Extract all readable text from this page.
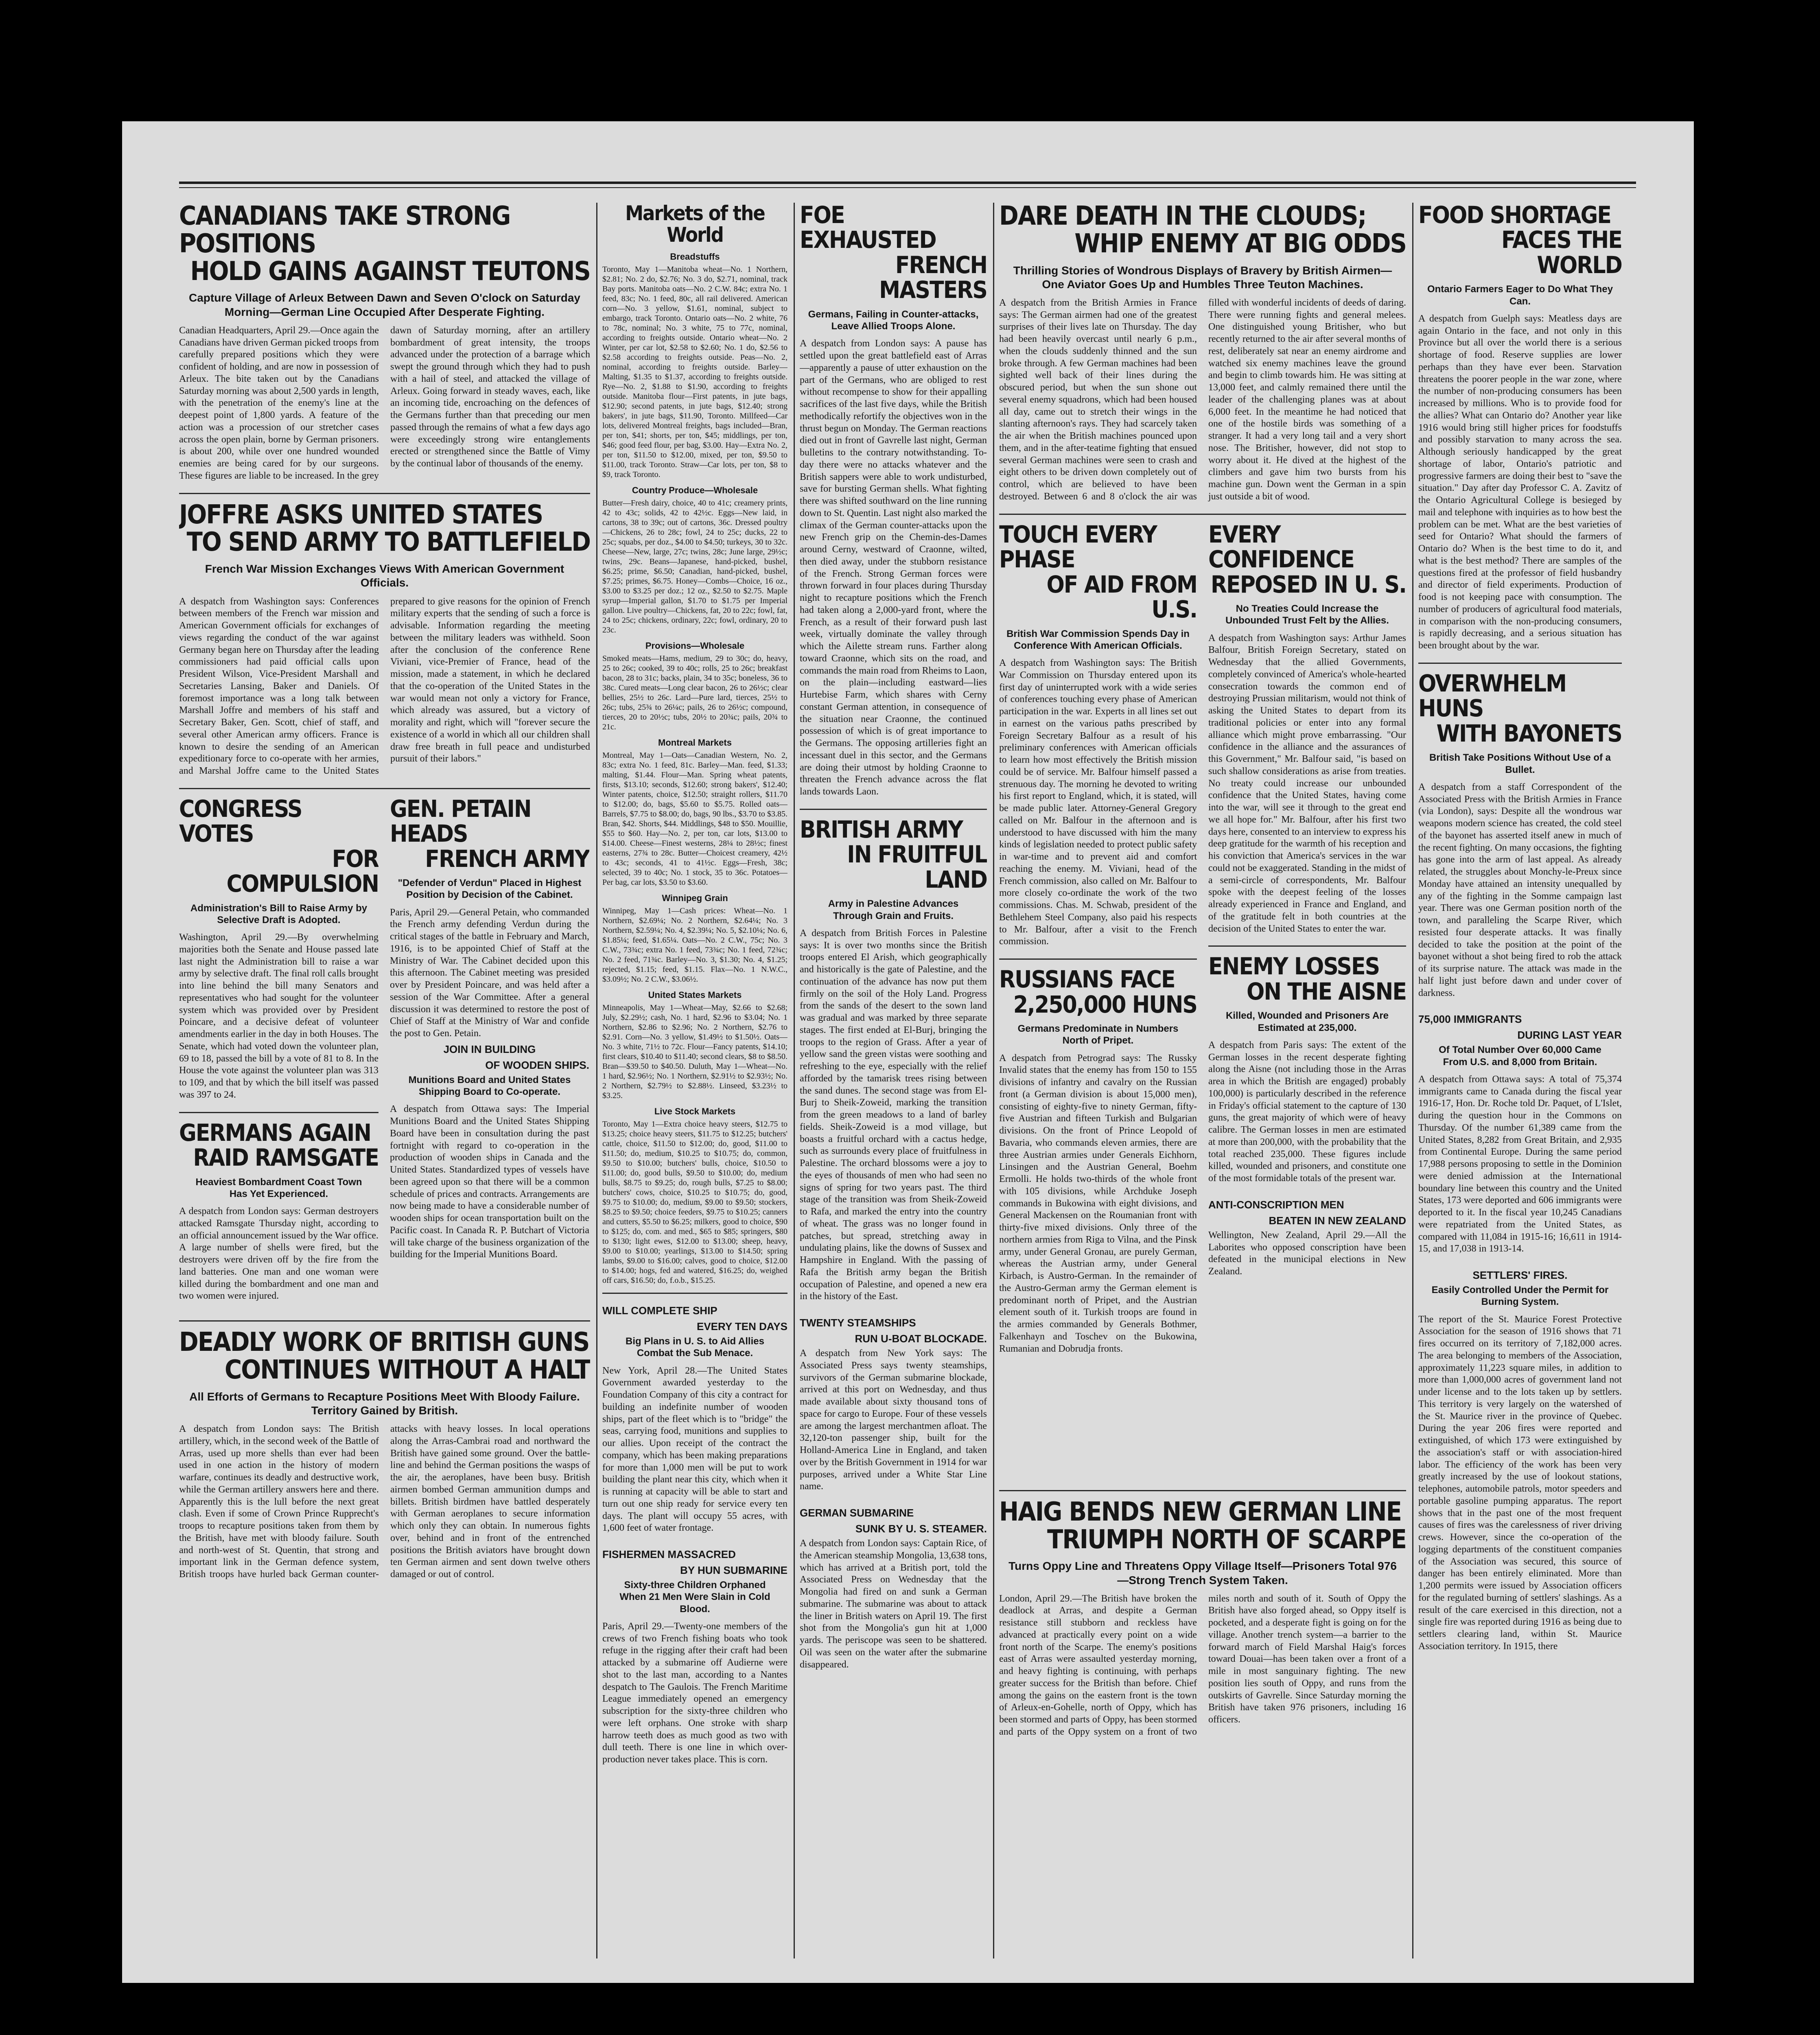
CANADIANS TAKE STRONG POSITIONS
HOLD GAINS AGAINST TEUTONS

Capture Village of Arleux Between Dawn and Seven O'clock on Saturday Morning—German Line Occupied After Desperate Fighting.

Canadian Headquarters, April 29.—Once again the Canadians have driven German picked troops from carefully prepared positions which they were confident of holding, and are now in possession of Arleux. The bite taken out by the Canadians Saturday morning was about 2,500 yards in length, with the penetration of the enemy's line at the deepest point of 1,800 yards. A feature of the action was a procession of our stretcher cases across the open plain, borne by German prisoners. is about 200, while over one hundred wounded enemies are being cared for by our surgeons. These figures are liable to be increased. In the grey dawn of Saturday morning, after an artillery bombardment of great intensity, the troops advanced under the protection of a barrage which swept the ground through which they had to push with a hail of steel, and attacked the village of Arleux. Going forward in steady waves, each, like an incoming tide, encroaching on the defences of the Germans further than that preceding our men passed through the remains of what a few days ago were exceedingly strong wire entanglements erected or strengthened since the Battle of Vimy by the continual labor of thousands of the enemy.

JOFFRE ASKS UNITED STATES
TO SEND ARMY TO BATTLEFIELD

French War Mission Exchanges Views With American Government Officials.

A despatch from Washington says: Conferences between members of the French war mission and American Government officials for exchanges of views regarding the conduct of the war against Germany began here on Thursday after the leading commissioners had paid official calls upon President Wilson, Vice-President Marshall and Secretaries Lansing, Baker and Daniels. Of foremost importance was a long talk between Marshall Joffre and members of his staff and Secretary Baker, Gen. Scott, chief of staff, and several other American army officers. France is known to desire the sending of an American expeditionary force to co-operate with her armies, and Marshal Joffre came to the United States prepared to give reasons for the opinion of French military experts that the sending of such a force is advisable. Information regarding the meeting between the military leaders was withheld. Soon after the conclusion of the conference Rene Viviani, vice-Premier of France, head of the mission, made a statement, in which he declared that the co-operation of the United States in the war would mean not only a victory for France, which already was assured, but a victory of morality and right, which will "forever secure the existence of a world in which all our children shall draw free breath in full peace and undisturbed pursuit of their labors."

CONGRESS VOTES
FOR COMPULSION

Administration's Bill to Raise Army by Selective Draft is Adopted.

Washington, April 29.—By overwhelming majorities both the Senate and House passed late last night the Administration bill to raise a war army by selective draft. The final roll calls brought into line behind the bill many Senators and representatives who had sought for the volunteer system which was provided over by President Poincare, and a decisive defeat of volunteer amendments earlier in the day in both Houses. The Senate, which had voted down the volunteer plan, 69 to 18, passed the bill by a vote of 81 to 8. In the House the vote against the volunteer plan was 313 to 109, and that by which the bill itself was passed was 397 to 24.

GERMANS AGAIN
RAID RAMSGATE

Heaviest Bombardment Coast Town Has Yet Experienced.

A despatch from London says: German destroyers attacked Ramsgate Thursday night, according to an official announcement issued by the War office. A large number of shells were fired, but the destroyers were driven off by the fire from the land batteries. One man and one woman were killed during the bombardment and one man and two women were injured.

GEN. PETAIN HEADS
FRENCH ARMY

"Defender of Verdun" Placed in Highest Position by Decision of the Cabinet.

Paris, April 29.—General Petain, who commanded the French army defending Verdun during the critical stages of the battle in February and March, 1916, is to be appointed Chief of Staff at the Ministry of War. The Cabinet decided upon this this afternoon. The Cabinet meeting was presided over by President Poincare, and was held after a session of the War Committee. After a general discussion it was determined to restore the post of Chief of Staff at the Ministry of War and confide the post to Gen. Petain.

JOIN IN BUILDING

OF WOODEN SHIPS.

Munitions Board and United States Shipping Board to Co-operate.

A despatch from Ottawa says: The Imperial Munitions Board and the United States Shipping Board have been in consultation during the past fortnight with regard to co-operation in the production of wooden ships in Canada and the United States. Standardized types of vessels have been agreed upon so that there will be a common schedule of prices and contracts. Arrangements are now being made to have a considerable number of wooden ships for ocean transportation built on the Pacific coast. In Canada R. P. Butchart of Victoria will take charge of the business organization of the building for the Imperial Munitions Board.

DEADLY WORK OF BRITISH GUNS
CONTINUES WITHOUT A HALT

All Efforts of Germans to Recapture Positions Meet With Bloody Failure. Territory Gained by British.

A despatch from London says: The British artillery, which, in the second week of the Battle of Arras, used up more shells than ever had been used in one action in the history of modern warfare, continues its deadly and destructive work, while the German artillery answers here and there. Apparently this is the lull before the next great clash. Even if some of Crown Prince Rupprecht's troops to recapture positions taken from them by the British, have met with bloody failure. South and north-west of St. Quentin, that strong and important link in the German defence system, British troops have hurled back German counter-attacks with heavy losses. In local operations along the Arras-Cambrai road and northward the British have gained some ground. Over the battle-line and behind the German positions the wasps of the air, the aeroplanes, have been busy. British airmen bombed German ammunition dumps and billets. British birdmen have battled desperately with German aeroplanes to secure information which only they can obtain. In numerous fights over, behind and in front of the entrenched positions the British aviators have brought down ten German airmen and sent down twelve others damaged or out of control.

Markets of the World

Breadstuffs

Toronto, May 1—Manitoba wheat—No. 1 Northern, $2.81; No. 2 do, $2.76; No. 3 do, $2.71, nominal, track Bay ports. Manitoba oats—No. 2 C.W. 84c; extra No. 1 feed, 83c; No. 1 feed, 80c, all rail delivered. American corn—No. 3 yellow, $1.61, nominal, subject to embargo, track Toronto. Ontario oats—No. 2 white, 76 to 78c, nominal; No. 3 white, 75 to 77c, nominal, according to freights outside. Ontario wheat—No. 2 Winter, per car lot, $2.58 to $2.60; No. 1 do, $2.56 to $2.58 according to freights outside. Peas—No. 2, nominal, according to freights outside. Barley—Malting, $1.35 to $1.37, according to freights outside. Rye—No. 2, $1.88 to $1.90, according to freights outside. Manitoba flour—First patents, in jute bags, $12.90; second patents, in jute bags, $12.40; strong bakers', in jute bags, $11.90, Toronto. Millfeed—Car lots, delivered Montreal freights, bags included—Bran, per ton, $41; shorts, per ton, $45; middlings, per ton, $46; good feed flour, per bag, $3.00. Hay—Extra No. 2, per ton, $11.50 to $12.00, mixed, per ton, $9.50 to $11.00, track Toronto. Straw—Car lots, per ton, $8 to $9, track Toronto.

Country Produce—Wholesale

Butter—Fresh dairy, choice, 40 to 41c; creamery prints, 42 to 43c; solids, 42 to 42½c. Eggs—New laid, in cartons, 38 to 39c; out of cartons, 36c. Dressed poultry—Chickens, 26 to 28c; fowl, 24 to 25c; ducks, 22 to 25c; squabs, per doz., $4.00 to $4.50; turkeys, 30 to 32c. Cheese—New, large, 27c; twins, 28c; June large, 29½c; twins, 29c. Beans—Japanese, hand-picked, bushel, $6.25; prime, $6.50; Canadian, hand-picked, bushel, $7.25; primes, $6.75. Honey—Combs—Choice, 16 oz., $3.00 to $3.25 per doz.; 12 oz., $2.50 to $2.75. Maple syrup—Imperial gallon, $1.70 to $1.75 per Imperial gallon. Live poultry—Chickens, fat, 20 to 22c; fowl, fat, 24 to 25c; chickens, ordinary, 22c; fowl, ordinary, 20 to 23c.

Provisions—Wholesale

Smoked meats—Hams, medium, 29 to 30c; do, heavy, 25 to 26c; cooked, 39 to 40c; rolls, 25 to 26c; breakfast bacon, 28 to 31c; backs, plain, 34 to 35c; boneless, 36 to 38c. Cured meats—Long clear bacon, 26 to 26½c; clear bellies, 25½ to 26c. Lard—Pure lard, tierces, 25½ to 26c; tubs, 25¾ to 26¼c; pails, 26 to 26½c; compound, tierces, 20 to 20½c; tubs, 20½ to 20¾c; pails, 20¾ to 21c.

Montreal Markets

Montreal, May 1—Oats—Canadian Western, No. 2, 83c; extra No. 1 feed, 81c. Barley—Man. feed, $1.33; malting, $1.44. Flour—Man. Spring wheat patents, firsts, $13.10; seconds, $12.60; strong bakers', $12.40; Winter patents, choice, $12.50; straight rollers, $11.70 to $12.00; do, bags, $5.60 to $5.75. Rolled oats—Barrels, $7.75 to $8.00; do, bags, 90 lbs., $3.70 to $3.85. Bran, $42. Shorts, $44. Middlings, $48 to $50. Mouillie, $55 to $60. Hay—No. 2, per ton, car lots, $13.00 to $14.00. Cheese—Finest westerns, 28¼ to 28½c; finest easterns, 27¾ to 28c. Butter—Choicest creamery, 42½ to 43c; seconds, 41 to 41½c. Eggs—Fresh, 38c; selected, 39 to 40c; No. 1 stock, 35 to 36c. Potatoes—Per bag, car lots, $3.50 to $3.60.

Winnipeg Grain

Winnipeg, May 1—Cash prices: Wheat—No. 1 Northern, $2.69¼; No. 2 Northern, $2.64¼; No. 3 Northern, $2.59¼; No. 4, $2.39¼; No. 5, $2.10¼; No. 6, $1.85¼; feed, $1.65¼. Oats—No. 2 C.W., 75c; No. 3 C.W., 73¾c; extra No. 1 feed, 73¾c; No. 1 feed, 72¾c; No. 2 feed, 71¾c. Barley—No. 3, $1.30; No. 4, $1.25; rejected, $1.15; feed, $1.15. Flax—No. 1 N.W.C., $3.09½; No. 2 C.W., $3.06½.

United States Markets

Minneapolis, May 1—Wheat—May, $2.66 to $2.68; July, $2.29½; cash, No. 1 hard, $2.96 to $3.04; No. 1 Northern, $2.86 to $2.96; No. 2 Northern, $2.76 to $2.91. Corn—No. 3 yellow, $1.49½ to $1.50½. Oats—No. 3 white, 71½ to 72c. Flour—Fancy patents, $14.10; first clears, $10.40 to $11.40; second clears, $8 to $8.50. Bran—$39.50 to $40.50. Duluth, May 1—Wheat—No. 1 hard, $2.96½; No. 1 Northern, $2.91½ to $2.93½; No. 2 Northern, $2.79½ to $2.88½. Linseed, $3.23½ to $3.25.

Live Stock Markets

Toronto, May 1—Extra choice heavy steers, $12.75 to $13.25; choice heavy steers, $11.75 to $12.25; butchers' cattle, choice, $11.50 to $12.00; do, good, $11.00 to $11.50; do, medium, $10.25 to $10.75; do, common, $9.50 to $10.00; butchers' bulls, choice, $10.50 to $11.00; do, good bulls, $9.50 to $10.00; do, medium bulls, $8.75 to $9.25; do, rough bulls, $7.25 to $8.00; butchers' cows, choice, $10.25 to $10.75; do, good, $9.75 to $10.00; do, medium, $9.00 to $9.50; stockers, $8.25 to $9.50; choice feeders, $9.75 to $10.25; canners and cutters, $5.50 to $6.25; milkers, good to choice, $90 to $125; do, com. and med., $65 to $85; springers, $80 to $130; light ewes, $12.00 to $13.00; sheep, heavy, $9.00 to $10.00; yearlings, $13.00 to $14.50; spring lambs, $9.00 to $16.00; calves, good to choice, $12.00 to $14.00; hogs, fed and watered, $16.25; do, weighed off cars, $16.50; do, f.o.b., $15.25.

WILL COMPLETE SHIP

EVERY TEN DAYS

Big Plans in U. S. to Aid Allies Combat the Sub Menace.

New York, April 28.—The United States Government awarded yesterday to the Foundation Company of this city a contract for building an indefinite number of wooden ships, part of the fleet which is to "bridge" the seas, carrying food, munitions and supplies to our allies. Upon receipt of the contract the company, which has been making preparations for more than 1,000 men will be put to work building the plant near this city, which when it is running at capacity will be able to start and turn out one ship ready for service every ten days. The plant will occupy 55 acres, with 1,600 feet of water frontage.

FISHERMEN MASSACRED

BY HUN SUBMARINE

Sixty-three Children Orphaned When 21 Men Were Slain in Cold Blood.

Paris, April 29.—Twenty-one members of the crews of two French fishing boats who took refuge in the rigging after their craft had been attacked by a submarine off Audierne were shot to the last man, according to a Nantes despatch to The Gaulois. The French Maritime League immediately opened an emergency subscription for the sixty-three children who were left orphans. One stroke with sharp harrow teeth does as much good as two with dull teeth. There is one line in which over-production never takes place. This is corn.

FOE EXHAUSTED
FRENCH MASTERS

Germans, Failing in Counter-attacks, Leave Allied Troops Alone.

A despatch from London says: A pause has settled upon the great battlefield east of Arras—apparently a pause of utter exhaustion on the part of the Germans, who are obliged to rest without recompense to show for their appalling sacrifices of the last five days, while the British methodically refortify the objectives won in the thrust begun on Monday. The German reactions died out in front of Gavrelle last night, German bulletins to the contrary notwithstanding. To-day there were no attacks whatever and the British sappers were able to work undisturbed, save for bursting German shells. What fighting there was shifted southward on the line running down to St. Quentin. Last night also marked the climax of the German counter-attacks upon the new French grip on the Chemin-des-Dames around Cerny, westward of Craonne, wilted, then died away, under the stubborn resistance of the French. Strong German forces were thrown forward in four places during Thursday night to recapture positions which the French had taken along a 2,000-yard front, where the French, as a result of their forward push last week, virtually dominate the valley through which the Ailette stream runs. Farther along toward Craonne, which sits on the road, and commands the main road from Rheims to Laon, on the plain—including eastward—lies Hurtebise Farm, which shares with Cerny constant German attention, in consequence of the situation near Craonne, the continued possession of which is of great importance to the Germans. The opposing artilleries fight an incessant duel in this sector, and the Germans are doing their utmost by holding Craonne to threaten the French advance across the flat lands towards Laon.

BRITISH ARMY
IN FRUITFUL LAND

Army in Palestine Advances Through Grain and Fruits.

A despatch from British Forces in Palestine says: It is over two months since the British troops entered El Arish, which geographically and historically is the gate of Palestine, and the continuation of the advance has now put them firmly on the soil of the Holy Land. Progress from the sands of the desert to the sown land was gradual and was marked by three separate stages. The first ended at El-Burj, bringing the troops to the region of Grass. After a year of yellow sand the green vistas were soothing and refreshing to the eye, especially with the relief afforded by the tamarisk trees rising between the sand dunes. The second stage was from El-Burj to Sheik-Zoweid, marking the transition from the green meadows to a land of barley fields. Sheik-Zoweid is a mod village, but boasts a fruitful orchard with a cactus hedge, such as surrounds every place of fruitfulness in Palestine. The orchard blossoms were a joy to the eyes of thousands of men who had seen no signs of spring for two years past. The third stage of the transition was from Sheik-Zoweid to Rafa, and marked the entry into the country of wheat. The grass was no longer found in patches, but spread, stretching away in undulating plains, like the downs of Sussex and Hampshire in England. With the passing of Rafa the British army began the British occupation of Palestine, and opened a new era in the history of the East.

TWENTY STEAMSHIPS

RUN U-BOAT BLOCKADE.

A despatch from New York says: The Associated Press says twenty steamships, survivors of the German submarine blockade, arrived at this port on Wednesday, and thus made available about sixty thousand tons of space for cargo to Europe. Four of these vessels are among the largest merchantmen afloat. The 32,120-ton passenger ship, built for the Holland-America Line in England, and taken over by the British Government in 1914 for war purposes, arrived under a White Star Line name.

GERMAN SUBMARINE

SUNK BY U. S. STEAMER.

A despatch from London says: Captain Rice, of the American steamship Mongolia, 13,638 tons, which has arrived at a British port, told the Associated Press on Wednesday that the Mongolia had fired on and sunk a German submarine. The submarine was about to attack the liner in British waters on April 19. The first shot from the Mongolia's gun hit at 1,000 yards. The periscope was seen to be shattered. Oil was seen on the water after the submarine disappeared.

DARE DEATH IN THE CLOUDS;
WHIP ENEMY AT BIG ODDS

Thrilling Stories of Wondrous Displays of Bravery by British Airmen—One Aviator Goes Up and Humbles Three Teuton Machines.

A despatch from the British Armies in France says: The German airmen had one of the greatest surprises of their lives late on Thursday. The day had been heavily overcast until nearly 6 p.m., when the clouds suddenly thinned and the sun broke through. A few German machines had been sighted well back of their lines during the obscured period, but when the sun shone out several enemy squadrons, which had been housed all day, came out to stretch their wings in the slanting afternoon's rays. They had scarcely taken the air when the British machines pounced upon them, and in the after-teatime fighting that ensued several German machines were seen to crash and eight others to be driven down completely out of control, which are believed to have been destroyed. Between 6 and 8 o'clock the air was filled with wonderful incidents of deeds of daring. There were running fights and general melees. One distinguished young Britisher, who but recently returned to the air after several months of rest, deliberately sat near an enemy airdrome and watched six enemy machines leave the ground and begin to climb towards him. He was sitting at 13,000 feet, and calmly remained there until the leader of the challenging planes was at about 6,000 feet. In the meantime he had noticed that one of the hostile birds was something of a stranger. It had a very long tail and a very short nose. The Britisher, however, did not stop to worry about it. He dived at the highest of the climbers and gave him two bursts from his machine gun. Down went the German in a spin just outside a bit of wood.

TOUCH EVERY PHASE
OF AID FROM U.S.

British War Commission Spends Day in Conference With American Officials.

A despatch from Washington says: The British War Commission on Thursday entered upon its first day of uninterrupted work with a wide series of conferences touching every phase of American participation in the war. Experts in all lines set out in earnest on the various paths prescribed by Foreign Secretary Balfour as a result of his preliminary conferences with American officials to learn how most effectively the British mission could be of service. Mr. Balfour himself passed a strenuous day. The morning he devoted to writing his first report to England, which, it is stated, will be made public later. Attorney-General Gregory called on Mr. Balfour in the afternoon and is understood to have discussed with him the many kinds of legislation needed to protect public safety in war-time and to prevent aid and comfort reaching the enemy. M. Viviani, head of the French commission, also called on Mr. Balfour to more closely co-ordinate the work of the two commissions. Chas. M. Schwab, president of the Bethlehem Steel Company, also paid his respects to Mr. Balfour, after a visit to the French commission.

RUSSIANS FACE
2,250,000 HUNS

Germans Predominate in Numbers North of Pripet.

A despatch from Petrograd says: The Russky Invalid states that the enemy has from 150 to 155 divisions of infantry and cavalry on the Russian front (a German division is about 15,000 men), consisting of eighty-five to ninety German, fifty-five Austrian and fifteen Turkish and Bulgarian divisions. On the front of Prince Leopold of Bavaria, who commands eleven armies, there are three Austrian armies under Generals Eichhorn, Linsingen and the Austrian General, Boehm Ermolli. He holds two-thirds of the whole front with 105 divisions, while Archduke Joseph commands in Bukowina with eight divisions, and General Mackensen on the Roumanian front with thirty-five mixed divisions. Only three of the northern armies from Riga to Vilna, and the Pinsk army, under General Gronau, are purely German, whereas the Austrian army, under General Kirbach, is Austro-German. In the remainder of the Austro-German army the German element is predominant north of Pripet, and the Austrian element south of it. Turkish troops are found in the armies commanded by Generals Bothmer, Falkenhayn and Toschev on the Bukowina, Rumanian and Dobrudja fronts.

EVERY CONFIDENCE
REPOSED IN U. S.

No Treaties Could Increase the Unbounded Trust Felt by the Allies.

A despatch from Washington says: Arthur James Balfour, British Foreign Secretary, stated on Wednesday that the allied Governments, completely convinced of America's whole-hearted consecration towards the common end of destroying Prussian militarism, would not think of asking the United States to depart from its traditional policies or enter into any formal alliance which might prove embarrassing. "Our confidence in the alliance and the assurances of this Government," Mr. Balfour said, "is based on such shallow considerations as arise from treaties. No treaty could increase our unbounded confidence that the United States, having come into the war, will see it through to the great end we all hope for." Mr. Balfour, after his first two days here, consented to an interview to express his deep gratitude for the warmth of his reception and his conviction that America's services in the war could not be exaggerated. Standing in the midst of a semi-circle of correspondents, Mr. Balfour spoke with the deepest feeling of the losses already experienced in France and England, and of the gratitude felt in both countries at the decision of the United States to enter the war.

ENEMY LOSSES
ON THE AISNE

Killed, Wounded and Prisoners Are Estimated at 235,000.

A despatch from Paris says: The extent of the German losses in the recent desperate fighting along the Aisne (not including those in the Arras area in which the British are engaged) probably 100,000) is particularly described in the reference in Friday's official statement to the capture of 130 guns, the great majority of which were of heavy calibre. The German losses in men are estimated at more than 200,000, with the probability that the total reached 235,000. These figures include killed, wounded and prisoners, and constitute one of the most formidable totals of the present war.

ANTI-CONSCRIPTION MEN

BEATEN IN NEW ZEALAND

Wellington, New Zealand, April 29.—All the Laborites who opposed conscription have been defeated in the municipal elections in New Zealand.

HAIG BENDS NEW GERMAN LINE
TRIUMPH NORTH OF SCARPE

Turns Oppy Line and Threatens Oppy Village Itself—Prisoners Total 976—Strong Trench System Taken.

London, April 29.—The British have broken the deadlock at Arras, and despite a German resistance still stubborn and reckless have advanced at practically every point on a wide front north of the Scarpe. The enemy's positions east of Arras were assaulted yesterday morning, and heavy fighting is continuing, with perhaps greater success for the British than before. Chief among the gains on the eastern front is the town of Arleux-en-Gohelle, north of Oppy, which has been stormed and parts of Oppy, has been stormed and parts of the Oppy system on a front of two miles north and south of it. South of Oppy the British have also forged ahead, so Oppy itself is pocketed, and a desperate fight is going on for the village. Another trench system—a barrier to the forward march of Field Marshal Haig's forces toward Douai—has been taken over a front of a mile in most sanguinary fighting. The new position lies south of Oppy, and runs from the outskirts of Gavrelle. Since Saturday morning the British have taken 976 prisoners, including 16 officers.

FOOD SHORTAGE
FACES THE WORLD

Ontario Farmers Eager to Do What They Can.

A despatch from Guelph says: Meatless days are again Ontario in the face, and not only in this Province but all over the world there is a serious shortage of food. Reserve supplies are lower perhaps than they have ever been. Starvation threatens the poorer people in the war zone, where the number of non-producing consumers has been increased by millions. Who is to provide food for the allies? What can Ontario do? Another year like 1916 would bring still higher prices for foodstuffs and possibly starvation to many across the sea. Although seriously handicapped by the great shortage of labor, Ontario's patriotic and progressive farmers are doing their best to "save the situation." Day after day Professor C. A. Zavitz of the Ontario Agricultural College is besieged by mail and telephone with inquiries as to how best the problem can be met. What are the best varieties of seed for Ontario? What should the farmers of Ontario do? When is the best time to do it, and what is the best method? There are samples of the questions fired at the professor of field husbandry and director of field experiments. Production of food is not keeping pace with consumption. The number of producers of agricultural food materials, in comparison with the non-producing consumers, is rapidly decreasing, and a serious situation has been brought about by the war.

OVERWHELM HUNS
WITH BAYONETS

British Take Positions Without Use of a Bullet.

A despatch from a staff Correspondent of the Associated Press with the British Armies in France (via London), says: Despite all the wondrous war weapons modern science has created, the cold steel of the bayonet has asserted itself anew in much of the recent fighting. On many occasions, the fighting has gone into the arm of last appeal. As already related, the struggles about Monchy-le-Preux since Monday have attained an intensity unequalled by any of the fighting in the Somme campaign last year. There was one German position north of the town, and paralleling the Scarpe River, which resisted four desperate attacks. It was finally decided to take the position at the point of the bayonet without a shot being fired to rob the attack of its surprise nature. The attack was made in the half light just before dawn and under cover of darkness.

75,000 IMMIGRANTS

DURING LAST YEAR

Of Total Number Over 60,000 Came From U.S. and 8,000 from Britain.

A despatch from Ottawa says: A total of 75,374 immigrants came to Canada during the fiscal year 1916-17, Hon. Dr. Roche told Dr. Paquet, of L'Islet, during the question hour in the Commons on Thursday. Of the number 61,389 came from the United States, 8,282 from Great Britain, and 2,935 from Continental Europe. During the same period 17,988 persons proposing to settle in the Dominion were denied admission at the International boundary line between this country and the United States, 173 were deported and 606 immigrants were deported to it. In the fiscal year 10,245 Canadians were repatriated from the United States, as compared with 11,084 in 1915-16; 16,611 in 1914-15, and 17,038 in 1913-14.

SETTLERS' FIRES.

Easily Controlled Under the Permit for Burning System.

The report of the St. Maurice Forest Protective Association for the season of 1916 shows that 71 fires occurred on its territory of 7,182,000 acres. The area belonging to members of the Association, approximately 11,223 square miles, in addition to more than 1,000,000 acres of government land not under license and to the lots taken up by settlers. This territory is very largely on the watershed of the St. Maurice river in the province of Quebec. During the year 206 fires were reported and extinguished, of which 173 were extinguished by the association's staff or with association-hired labor. The efficiency of the work has been very greatly increased by the use of lookout stations, telephones, automobile patrols, motor speeders and portable gasoline pumping apparatus. The report shows that in the past one of the most frequent causes of fires was the carelessness of river driving crews. However, since the co-operation of the logging departments of the constituent companies of the Association was secured, this source of danger has been entirely eliminated. More than 1,200 permits were issued by Association officers for the regulated burning of settlers' slashings. As a result of the care exercised in this direction, not a single fire was reported during 1916 as being due to settlers clearing land, within St. Maurice Association territory. In 1915, there
